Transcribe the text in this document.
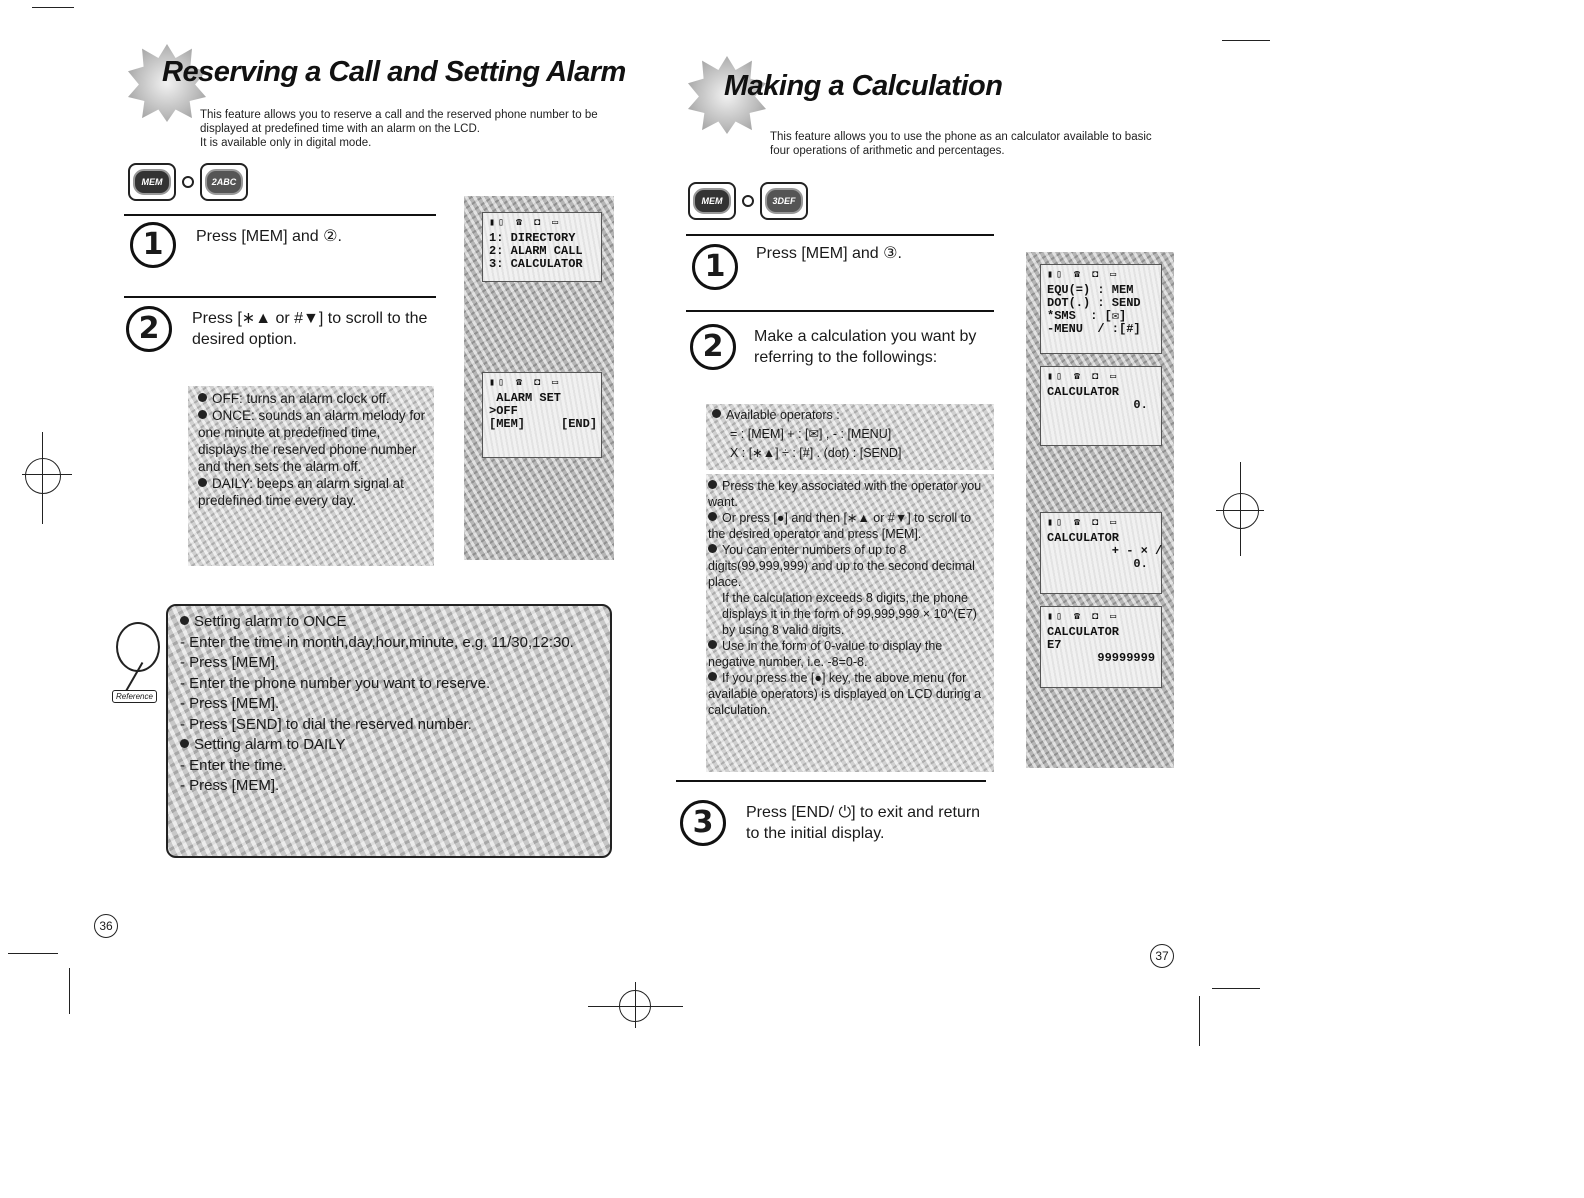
Reserving a Call and Setting Alarm
This feature allows you to reserve a call and the reserved phone number to be
displayed at predefined time with an alarm on the LCD.
It is available only in digital mode.
MEM	2ABC
1	Press [MEM] and ②.
2	Press [∗▲ or #▼] to scroll to the desired option.
OFF: turns an alarm clock off.
ONCE: sounds an alarm melody for one minute at predefined time, displays the reserved phone number and then sets the alarm off.
DAILY: beeps an alarm signal at predefined time every day.
▮▯ ☎ ◘ ▭
1: DIRECTORY
2: ALARM CALL
3: CALCULATOR
▮▯ ☎ ◘ ▭
ALARM SET
>OFF
[MEM]     [END]
Reference
Setting alarm to ONCE
- Enter the time in month,day,hour,minute, e.g. 11/30,12:30.
- Press [MEM].
- Enter the phone number you want to reserve.
- Press [MEM].
- Press [SEND] to dial the reserved number.
Setting alarm to DAILY
- Enter the time.
- Press [MEM].
36
Making a Calculation
This feature allows you to use the phone as an calculator available to basic
four operations of arithmetic and percentages.
MEM	3DEF
1	Press [MEM] and ③.
2	Make a calculation you want by referring to the followings:
Available operators :
= : [MEM] + : [✉] , - : [MENU]
X : [∗▲] ÷ : [#] . (dot) : [SEND]
Press the key associated with the operator you want.
Or press [●] and then [∗▲ or #▼] to scroll to the desired operator and press [MEM].
You can enter numbers of up to 8 digits(99,999,999) and up to the second decimal place.
If the calculation exceeds 8 digits, the phone displays it in the form of 99,999,999 × 10^(E7) by using 8 valid digits.
Use in the form of 0-value to display the negative number, i.e. -8=0-8.
If you press the [●] key, the above menu (for available operators) is displayed on LCD during a calculation.
3	Press [END/ ⏻] to exit and return to the initial display.
▮▯ ☎ ◘ ▭
EQU(=) : MEM
DOT(.) : SEND
*SMS  : [✉]
-MENU  / :[#]
▮▯ ☎ ◘ ▭
CALCULATOR
0.
▮▯ ☎ ◘ ▭
CALCULATOR
+ - × /
0.
▮▯ ☎ ◘ ▭
CALCULATOR
E7
99999999
37
